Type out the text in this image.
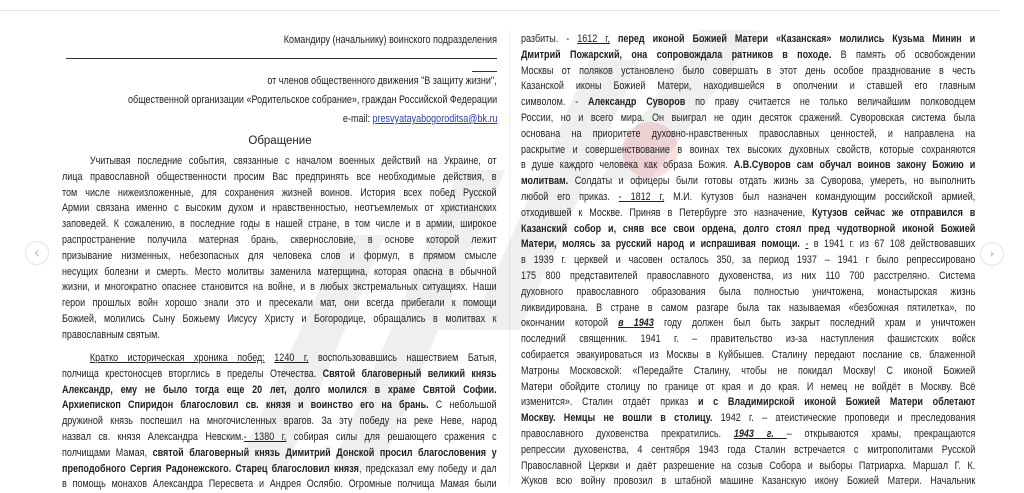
Командиру (начальнику) воинского подразделения
от членов общественного движения "В защиту жизни",
общественной организации «Родительское собрание», граждан Российской Федерации
e-mail: presvyatayabogoroditsa@bk.ru
Обращение
Учитывая последние события, связанные с началом военных действий на Украине, от
лица православной общественности просим Вас предпринять все необходимые действия, в
том числе нижеизложенные, для сохранения жизней воинов. История всех побед Русской
Армии связана именно с высоким духом и нравственностью, неотъемлемых от христианских
заповедей. К сожалению, в последние годы в нашей стране, в том числе и в армии, широкое
распространение получила матерная брань, сквернословие, в основе которой лежит
призывание низменных, небезопасных для человека слов и формул, в прямом смысле
несущих болезни и смерть. Место молитвы заменила матерщина, которая опасна в обычной
жизни, и многократно опаснее становится на войне, и в любых экстремальных ситуациях. Наши
герои прошлых войн хорошо знали это и пресекали мат, они всегда прибегали к помощи
Божией, молились Сыну Божьему Иисусу Христу и Богородице, обращались в молитвах к
православным святым.
Кратко историческая хроника побед: 1240 г, воспользовавшись нашествием Батыя,
полчища крестоносцев вторглись в пределы Отечества. Святой благоверный великий князь
Александр, ему не было тогда еще 20 лет, долго молился в храме Святой Софии.
Архиепископ Спиридон благословил св. князя и воинство его на брань. С небольшой
дружиной князь поспешил на многочисленных врагов. За эту победу на реке Неве, народ
назвал св. князя Александра Невским.- 1380 г, собирая силы для решающего сражения с
полчищами Мамая, святой благоверный князь Димитрий Донской просил благословения у
преподобного Сергия Радонежского. Старец благословил князя, предсказал ему победу и дал
в помощь монахов Александра Пересвета и Андрея Ослябю. Огромные полчища Мамая были
разбиты. - 1612 г, перед иконой Божией Матери «Казанская» молились Кузьма Минин и
Дмитрий Пожарский, она сопровождала ратников в походе. В память об освобождении
Москвы от поляков установлено было совершать в этот день особое празднование в честь
Казанской иконы Божией Матери, находившейся в ополчении и ставшей его главным
символом. - Александр Суворов по праву считается не только величайшим полководцем
России, но и всего мира. Он выиграл не один десяток сражений. Суворовская система была
основана на приоритете духовно-нравственных православных ценностей, и направлена на
раскрытие и совершенствование в воинах тех высоких духовных свойств, которые сохраняются
в душе каждого человека как образа Божия. А.В.Суворов сам обучал воинов закону Божию и
молитвам. Солдаты и офицеры были готовы отдать жизнь за Суворова, умереть, но выполнить
любой его приказ. - 1812 г, М.И. Кутузов был назначен командующим российской армией,
отходившей к Москве. Приняв в Петербурге это назначение, Кутузов сейчас же отправился в
Казанский собор и, сняв все свои ордена, долго стоял пред чудотворной иконой Божией
Матери, молясь за русский народ и испрашивая помощи. - в 1941 г. из 67 108 действовавших
в 1939 г. церквей и часовен осталось 350, за период 1937 – 1941 г было репрессировано
175 800 представителей православного духовенства, из них 110 700 расстреляно. Система
духовного православного образования была полностью уничтожена, монастырская жизнь
ликвидирована. В стране в самом разгаре была так называемая «безбожная пятилетка», по
окончании которой в 1943 году должен был быть закрыт последний храм и уничтожен
последний священник. 1941 г. – правительство из-за наступления фашистских войск
собирается эвакуироваться из Москвы в Куйбышев. Сталину передают послание св. блаженной
Матроны Московской: «Передайте Сталину, чтобы не покидал Москву! С иконой Божией
Матери обойдите столицу по границе от края и до края. И немец не войдёт в Москву. Всё
изменится». Сталин отдаёт приказ и с Владимирской иконой Божией Матери облетают
Москву. Немцы не вошли в столицу. 1942 г. – атеистические проповеди и преследования
православного духовенства прекратились. 1943 г. – открываются храмы, прекращаются
репрессии духовенства, 4 сентября 1943 года Сталин встречается с митрополитами Русской
Православной Церкви и даёт разрешение на созыв Собора и выборы Патриарха. Маршал Г. К.
Жуков всю войну провозил в штабной машине Казанскую икону Божией Матери. Начальник
